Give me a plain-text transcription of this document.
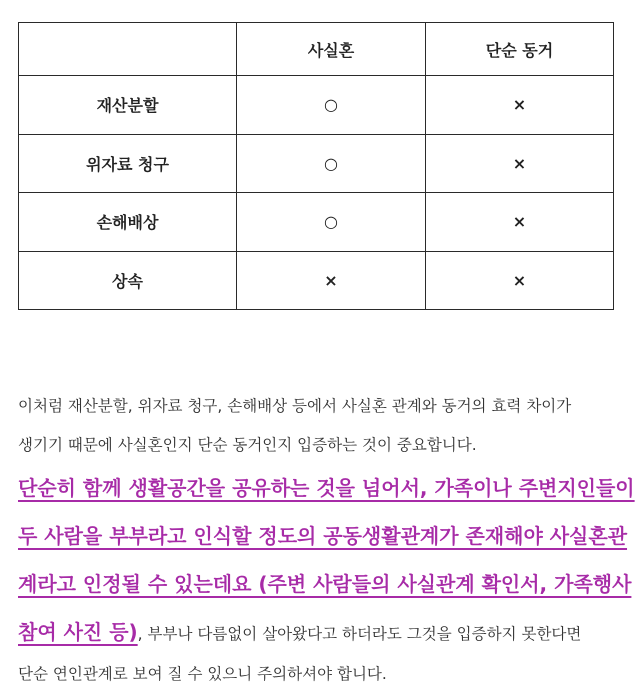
	사실혼	단순 동거
재산분할	○	×
위자료 청구	○	×
손해배상	○	×
상속	×	×
이처럼 재산분할, 위자료 청구, 손해배상 등에서 사실혼 관계와 동거의 효력 차이가
생기기 때문에 사실혼인지 단순 동거인지 입증하는 것이 중요합니다.
단순히 함께 생활공간을 공유하는 것을 넘어서, 가족이나 주변지인들이
두 사람을 부부라고 인식할 정도의 공동생활관계가 존재해야 사실혼관
계라고 인정될 수 있는데요 (주변 사람들의 사실관계 확인서, 가족행사
참여 사진 등), 부부나 다름없이 살아왔다고 하더라도 그것을 입증하지 못한다면
단순 연인관계로 보여 질 수 있으니 주의하셔야 합니다.
